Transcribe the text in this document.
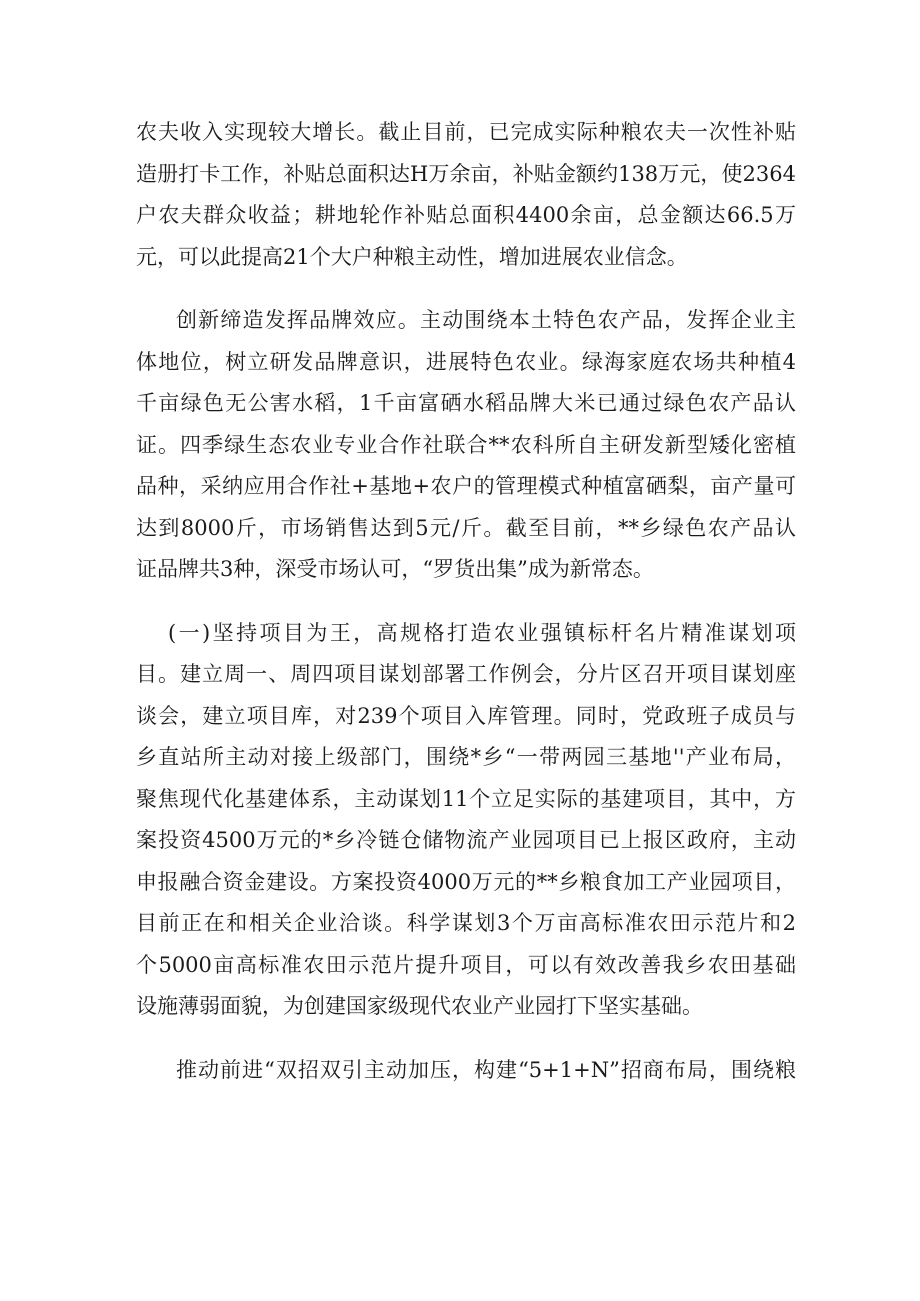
农夫收入实现较大增长。截止目前，已完成实际种粮农夫一次性补贴
造册打卡工作，补贴总面积达H万余亩，补贴金额约138万元，使2364
户农夫群众收益；耕地轮作补贴总面积4400余亩，总金额达66.5万
元，可以此提高21个大户种粮主动性，增加进展农业信念。
创新缔造发挥品牌效应。主动围绕本土特色农产品，发挥企业主
体地位，树立研发品牌意识，进展特色农业。绿海家庭农场共种植4
千亩绿色无公害水稻，1千亩富硒水稻品牌大米已通过绿色农产品认
证。四季绿生态农业专业合作社联合**农科所自主研发新型矮化密植
品种，采纳应用合作社+基地+农户的管理模式种植富硒梨，亩产量可
达到8000斤，市场销售达到5元/斤。截至目前，**乡绿色农产品认
证品牌共3种，深受市场认可，“罗货出集”成为新常态。
(一)坚持项目为王，高规格打造农业强镇标杆名片精准谋划项
目。建立周一、周四项目谋划部署工作例会，分片区召开项目谋划座
谈会，建立项目库，对239个项目入库管理。同时，党政班子成员与
乡直站所主动对接上级部门，围绕*乡“一带两园三基地''产业布局，
聚焦现代化基建体系，主动谋划11个立足实际的基建项目，其中，方
案投资4500万元的*乡冷链仓储物流产业园项目已上报区政府，主动
申报融合资金建设。方案投资4000万元的**乡粮食加工产业园项目，
目前正在和相关企业洽谈。科学谋划3个万亩高标准农田示范片和2
个5000亩高标准农田示范片提升项目，可以有效改善我乡农田基础
设施薄弱面貌，为创建国家级现代农业产业园打下坚实基础。
推动前进“双招双引主动加压，构建“5+1+N”招商布局，围绕粮
